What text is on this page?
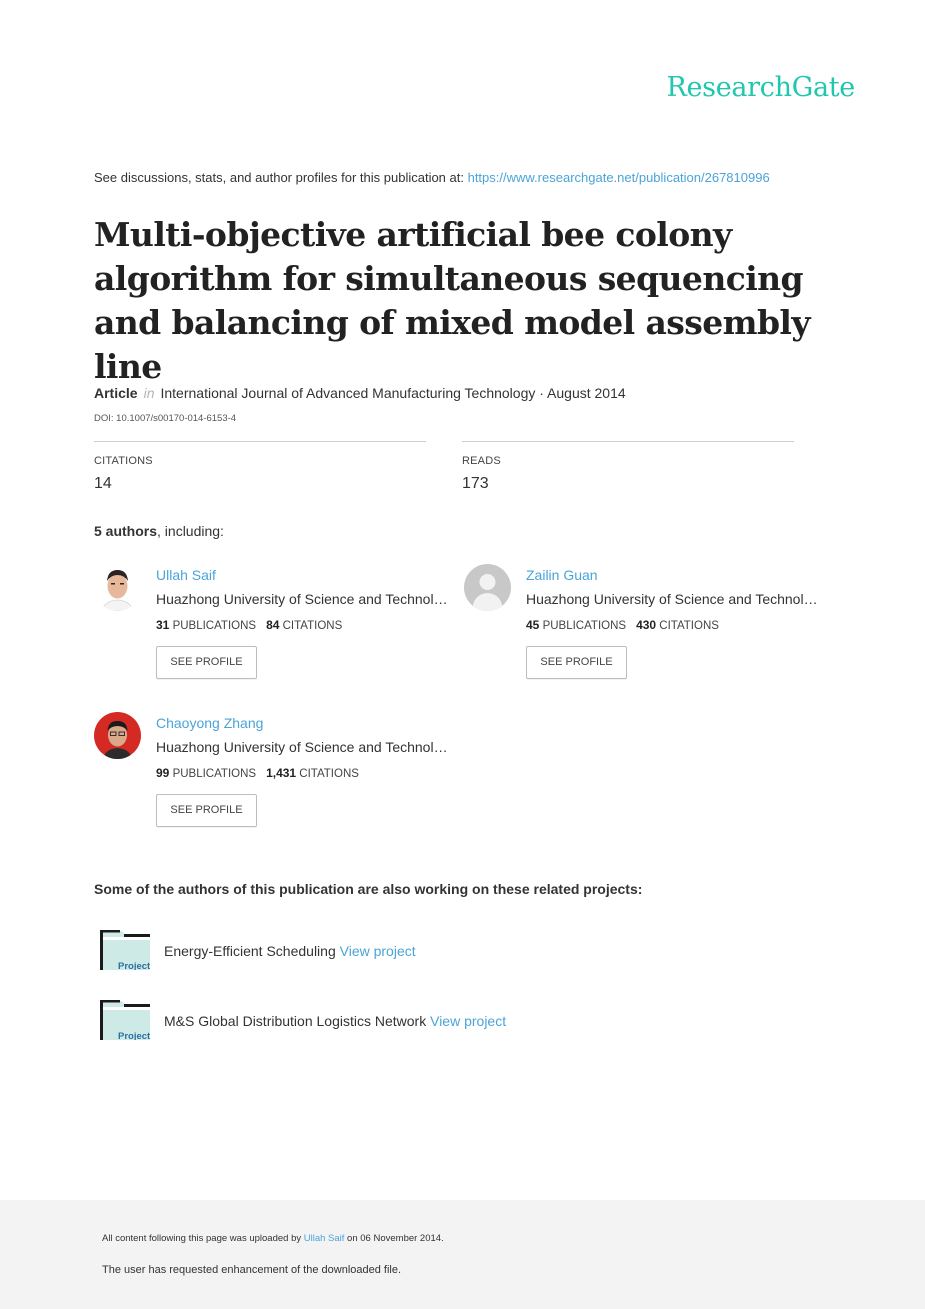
ResearchGate
See discussions, stats, and author profiles for this publication at: https://www.researchgate.net/publication/267810996
Multi-objective artificial bee colony algorithm for simultaneous sequencing and balancing of mixed model assembly line
Article in International Journal of Advanced Manufacturing Technology · August 2014
DOI: 10.1007/s00170-014-6153-4
CITATIONS
14
READS
173
5 authors, including:
Ullah Saif
Huazhong University of Science and Technol…
31 PUBLICATIONS 84 CITATIONS
SEE PROFILE
Zailin Guan
Huazhong University of Science and Technol…
45 PUBLICATIONS 430 CITATIONS
SEE PROFILE
Chaoyong Zhang
Huazhong University of Science and Technol…
99 PUBLICATIONS 1,431 CITATIONS
SEE PROFILE
Some of the authors of this publication are also working on these related projects:
Project
Energy-Efficient Scheduling View project
Project
M&S Global Distribution Logistics Network View project
All content following this page was uploaded by Ullah Saif on 06 November 2014.
The user has requested enhancement of the downloaded file.
